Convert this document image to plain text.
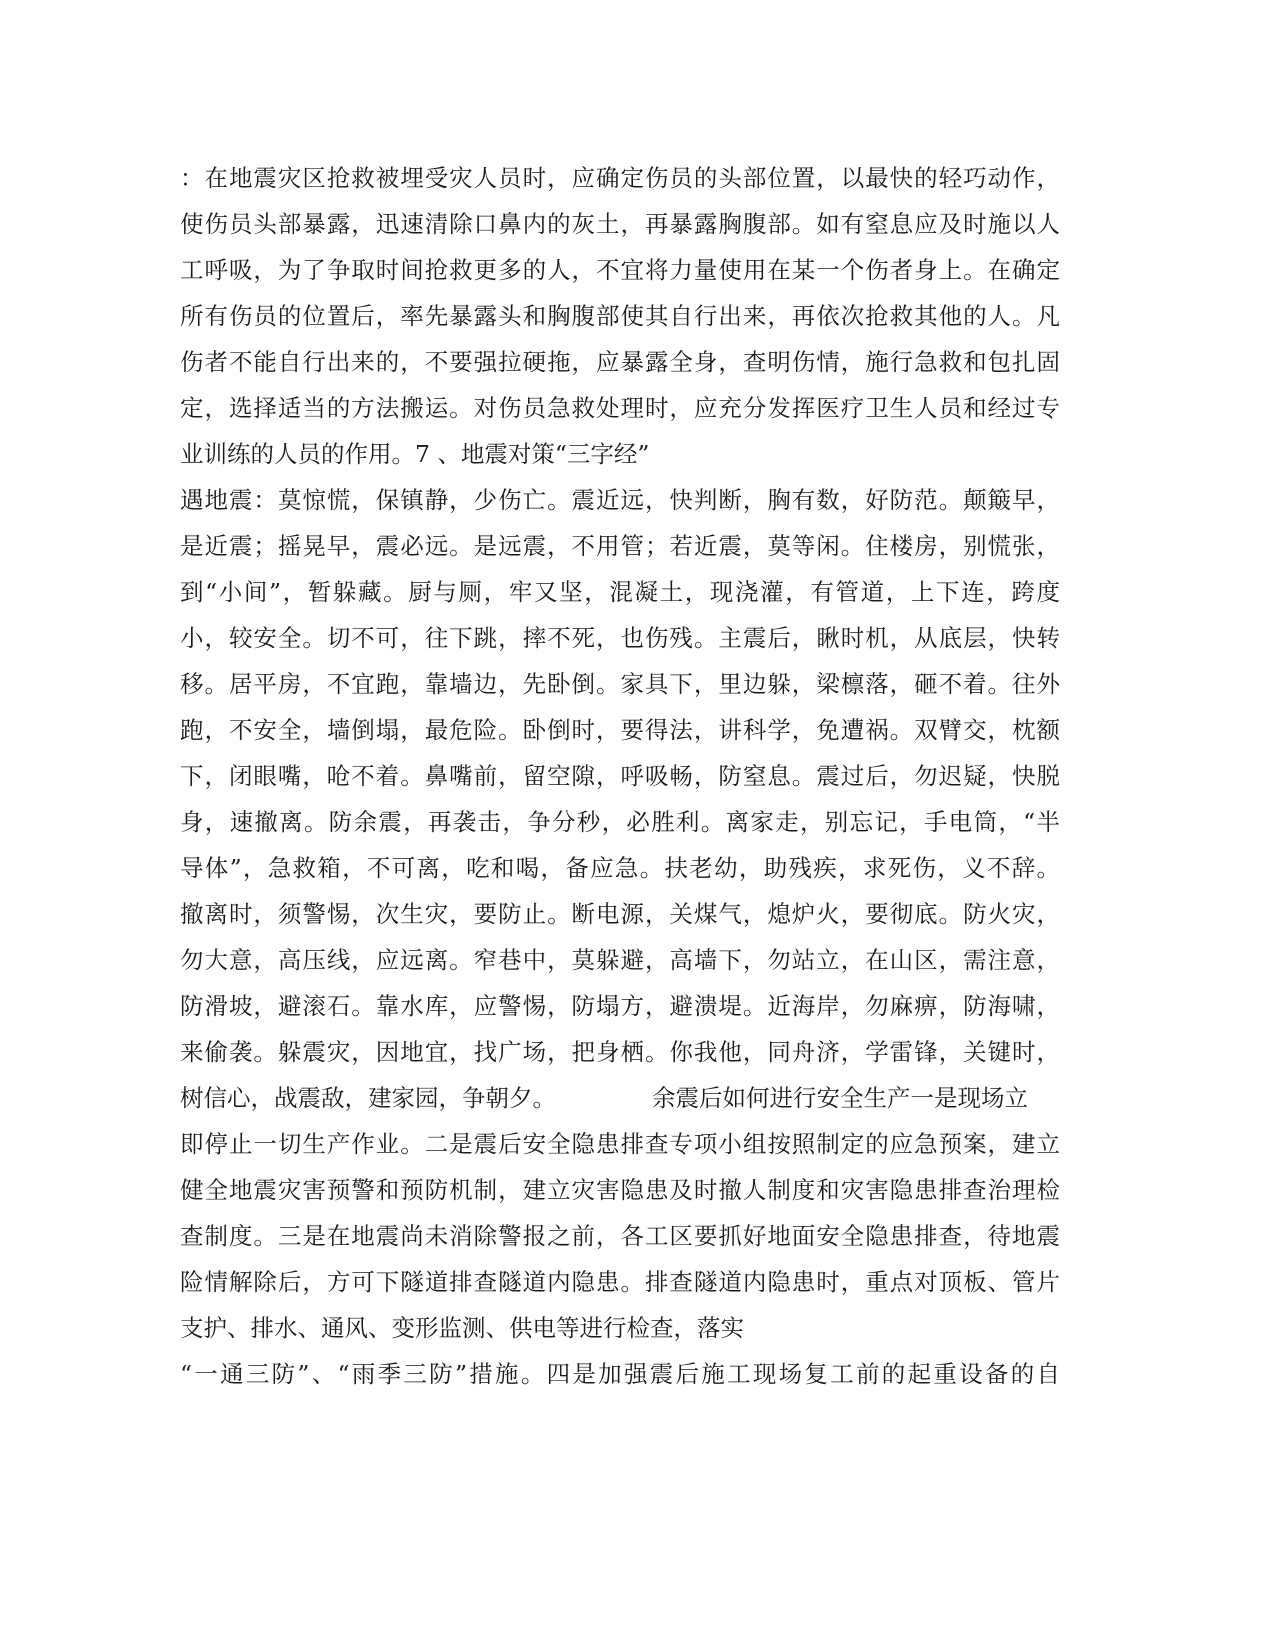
：在地震灾区抢救被埋受灾人员时，应确定伤员的头部位置，以最快的轻巧动作，
使伤员头部暴露，迅速清除口鼻内的灰土，再暴露胸腹部。如有窒息应及时施以人
工呼吸，为了争取时间抢救更多的人，不宜将力量使用在某一个伤者身上。在确定
所有伤员的位置后，率先暴露头和胸腹部使其自行出来，再依次抢救其他的人。凡
伤者不能自行出来的，不要强拉硬拖，应暴露全身，查明伤情，施行急救和包扎固
定，选择适当的方法搬运。对伤员急救处理时，应充分发挥医疗卫生人员和经过专
业训练的人员的作用。7 、地震对策“三字经”
遇地震：莫惊慌，保镇静，少伤亡。震近远，快判断，胸有数，好防范。颠簸早，
是近震；摇晃早，震必远。是远震，不用管；若近震，莫等闲。住楼房，别慌张，
到“小间”，暂躲藏。厨与厕，牢又坚，混凝土，现浇灌，有管道，上下连，跨度
小，较安全。切不可，往下跳，摔不死，也伤残。主震后，瞅时机，从底层，快转
移。居平房，不宜跑，靠墙边，先卧倒。家具下，里边躲，梁檩落，砸不着。往外
跑，不安全，墙倒塌，最危险。卧倒时，要得法，讲科学，免遭祸。双臂交，枕额
下，闭眼嘴，呛不着。鼻嘴前，留空隙，呼吸畅，防窒息。震过后，勿迟疑，快脱
身，速撤离。防余震，再袭击，争分秒，必胜利。离家走，别忘记，手电筒，“半
导体”，急救箱，不可离，吃和喝，备应急。扶老幼，助残疾，求死伤，义不辞。
撤离时，须警惕，次生灾，要防止。断电源，关煤气，熄炉火，要彻底。防火灾，
勿大意，高压线，应远离。窄巷中，莫躲避，高墙下，勿站立，在山区，需注意，
防滑坡，避滚石。靠水库，应警惕，防塌方，避溃堤。近海岸，勿麻痹，防海啸，
来偷袭。躲震灾，因地宜，找广场，把身栖。你我他，同舟济，学雷锋，关键时，
树信心，战震敌，建家园，争朝夕。	余震后如何进行安全生产一是现场立
即停止一切生产作业。二是震后安全隐患排查专项小组按照制定的应急预案，建立
健全地震灾害预警和预防机制，建立灾害隐患及时撤人制度和灾害隐患排查治理检
查制度。三是在地震尚未消除警报之前，各工区要抓好地面安全隐患排查，待地震
险情解除后，方可下隧道排查隧道内隐患。排查隧道内隐患时，重点对顶板、管片
支护、排水、通风、变形监测、供电等进行检查，落实
“一通三防”、“雨季三防”措施。四是加强震后施工现场复工前的起重设备的自
